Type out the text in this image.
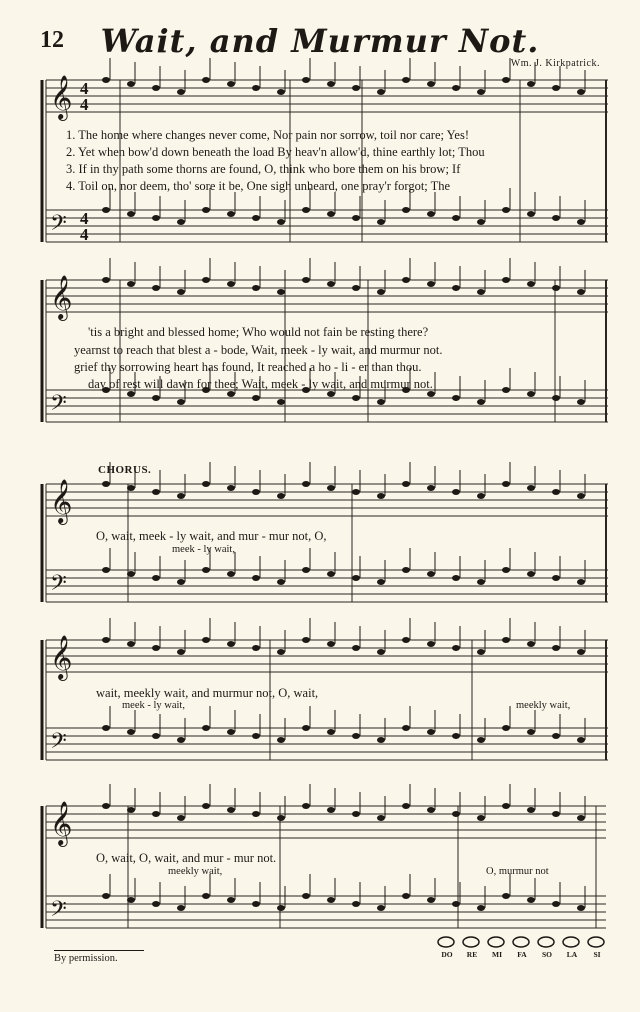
12	Wait, and Murmur Not.
Wm. J. Kirkpatrick.
𝄞
𝄢
𝄞
𝄢
𝄞
𝄢
𝄞
𝄢
𝄞
𝄢
4
4
4
4
1. The home where changes never come, Nor pain nor sorrow, toil nor care; Yes!
2. Yet when bow'd down beneath the load By heav'n allow'd, thine earthly lot; Thou
3. If in thy path some thorns are found, O, think who bore them on his brow; If
4. Toil on, nor deem, tho' sore it be, One sigh unheard, one pray'r forgot; The
'tis a bright and blessed home; Who would not fain be resting there?
yearnst to reach that blest a - bode, Wait, meek - ly wait, and murmur not.
grief thy sorrowing heart has found, It reached a ho - li - er than thou.
day of rest will dawn for thee; Wait, meek - ly wait, and murmur not.
CHORUS.
O, wait, meek - ly wait, and mur - mur not, O,
meek - ly wait,
wait, meekly wait, and murmur not, O, wait,
meek - ly wait,	meekly wait,
O, wait, O, wait, and mur - mur not.
meekly wait,	O, murmur not
By permission.	DO	RE	MI	FA	SO	LA	SI
